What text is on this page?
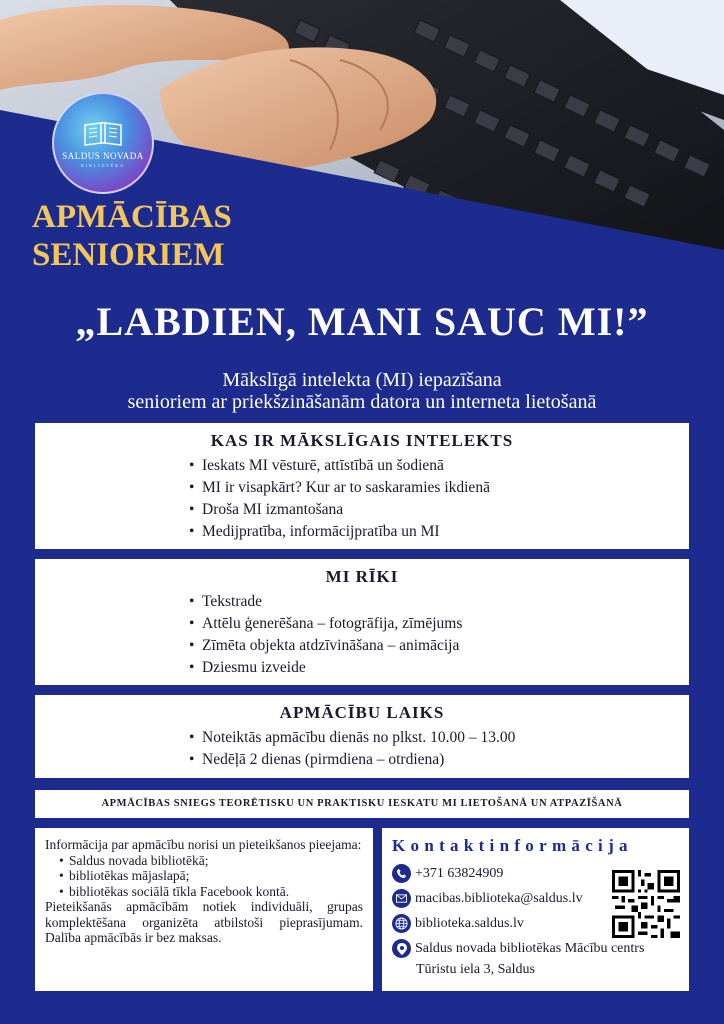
SALDUS NOVADA
BIBLIOTĒKA
APMĀCĪBAS
SENIORIEM
„LABDIEN, MANI SAUC MI!”
Mākslīgā intelekta (MI) iepazīšana
senioriem ar priekšzināšanām datora un interneta lietošanā
KAS IR MĀKSLĪGAIS INTELEKTS
• Ieskats MI vēsturē, attīstībā un šodienā
• MI ir visapkārt? Kur ar to saskaramies ikdienā
• Droša MI izmantošana
• Medijpratība, informācijpratība un MI
MI RĪKI
• Tekstrade
• Attēlu ģenerēšana – fotogrāfija, zīmējums
• Zīmēta objekta atdzīvināšana – animācija
• Dziesmu izveide
APMĀCĪBU LAIKS
• Noteiktās apmācību dienās no plkst. 10.00 – 13.00
• Nedēļā 2 dienas (pirmdiena – otrdiena)
APMĀCĪBAS SNIEGS TEORĒTISKU UN PRAKTISKU IESKATU MI LIETOŠANĀ UN ATPAZĪŠANĀ
Informācija par apmācību norisi un pieteikšanos pieejama:
• Saldus novada bibliotēkā;
• bibliotēkas mājaslapā;
• bibliotēkas sociālā tīkla Facebook kontā.
Pieteikšanās apmācībām notiek individuāli, grupas komplektēšana organizēta atbilstoši pieprasījumam. Dalība apmācībās ir bez maksas.
Kontaktinformācija
+371 63824909
macibas.biblioteka@saldus.lv
biblioteka.saldus.lv
Saldus novada bibliotēkas Mācību centrs
Tūristu iela 3, Saldus
